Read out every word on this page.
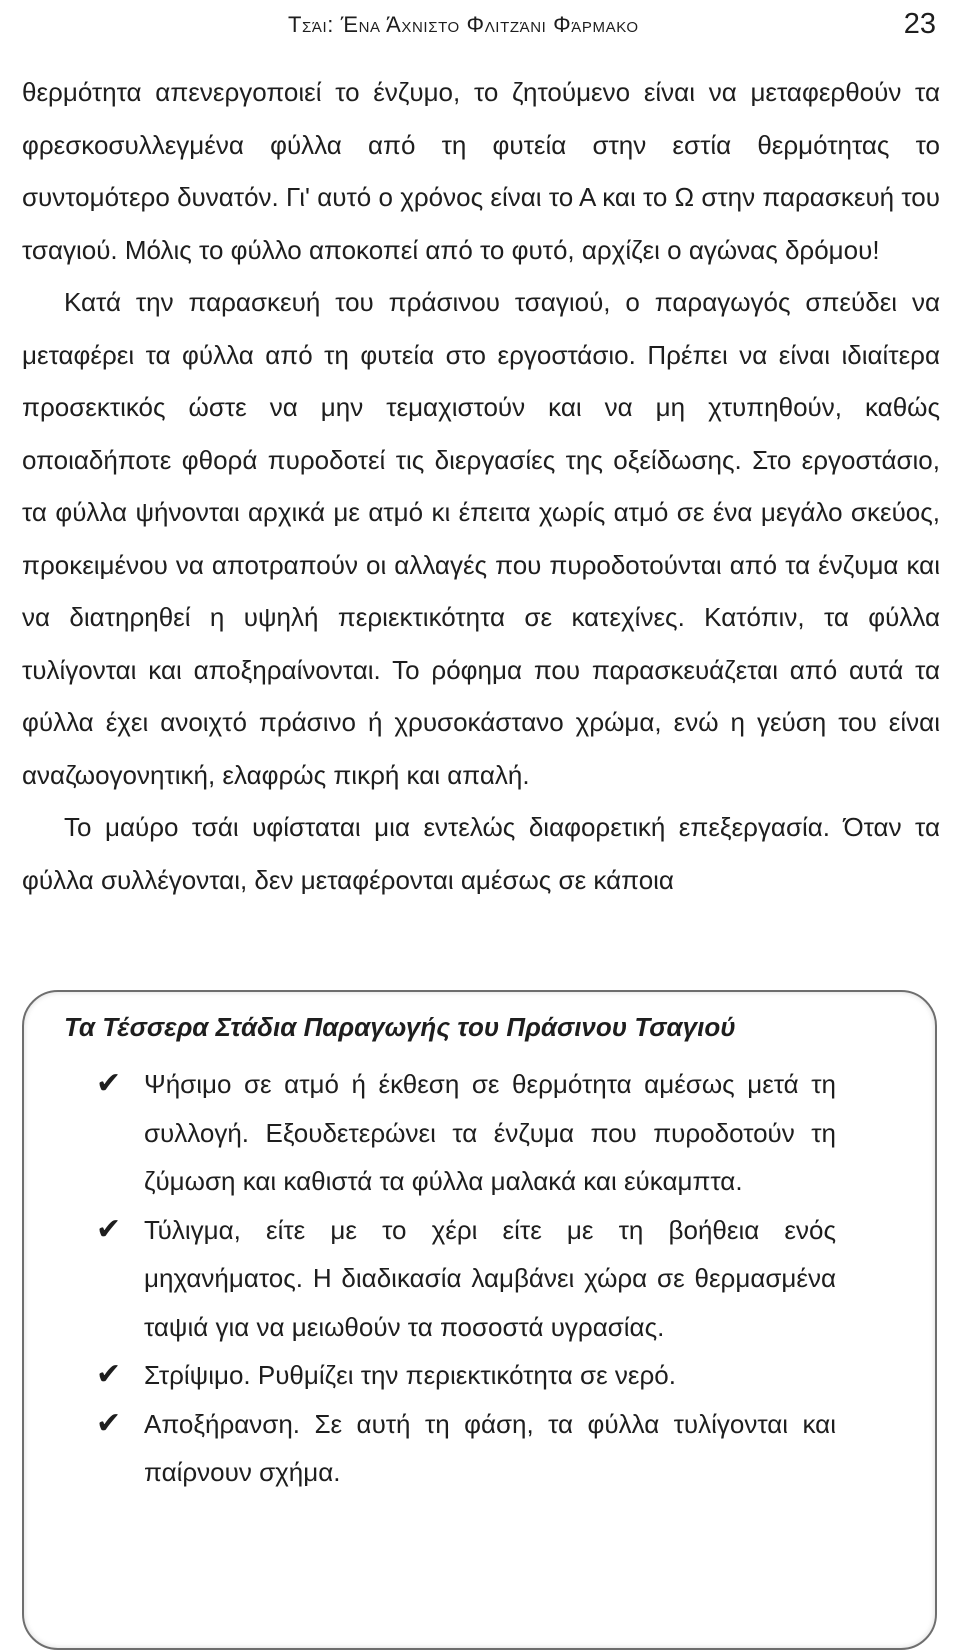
Τσάι: Ένα Άχνιστο Φλιτζάνι Φάρμακο	23

θερμότητα απενεργοποιεί το ένζυμο, το ζητούμενο είναι να μεταφερθούν τα φρεσκοσυλλεγμένα φύλλα από τη φυτεία στην εστία θερμότητας το συντομότερο δυνατόν. Γι' αυτό ο χρόνος είναι το Α και το Ω στην παρασκευή του τσαγιού. Μόλις το φύλλο αποκοπεί από το φυτό, αρχίζει ο αγώνας δρόμου!

Κατά την παρασκευή του πράσινου τσαγιού, ο παραγωγός σπεύδει να μεταφέρει τα φύλλα από τη φυτεία στο εργοστάσιο. Πρέπει να είναι ιδιαίτερα προσεκτικός ώστε να μην τεμαχιστούν και να μη χτυπηθούν, καθώς οποιαδήποτε φθορά πυροδοτεί τις διεργασίες της οξείδωσης. Στο εργοστάσιο, τα φύλλα ψήνονται αρχικά με ατμό κι έπειτα χωρίς ατμό σε ένα μεγάλο σκεύος, προκειμένου να αποτραπούν οι αλλαγές που πυροδοτούνται από τα ένζυμα και να διατηρηθεί η υψηλή περιεκτικότητα σε κατεχίνες. Κατόπιν, τα φύλλα τυλίγονται και αποξηραίνονται. Το ρόφημα που παρασκευάζεται από αυτά τα φύλλα έχει ανοιχτό πράσινο ή χρυσοκάστανο χρώμα, ενώ η γεύση του είναι αναζωογονητική, ελαφρώς πικρή και απαλή.

Το μαύρο τσάι υφίσταται μια εντελώς διαφορετική επεξεργασία. Όταν τα φύλλα συλλέγονται, δεν μεταφέρονται αμέσως σε κάποια

Τα Τέσσερα Στάδια Παραγωγής του Πράσινου Τσαγιού
✔ Ψήσιμο σε ατμό ή έκθεση σε θερμότητα αμέσως μετά τη συλλογή. Εξουδετερώνει τα ένζυμα που πυροδοτούν τη ζύμωση και καθιστά τα φύλλα μαλακά και εύκαμπτα.
✔ Τύλιγμα, είτε με το χέρι είτε με τη βοήθεια ενός μηχανήματος. Η διαδικασία λαμβάνει χώρα σε θερμασμένα ταψιά για να μειωθούν τα ποσοστά υγρασίας.
✔ Στρίψιμο. Ρυθμίζει την περιεκτικότητα σε νερό.
✔ Αποξήρανση. Σε αυτή τη φάση, τα φύλλα τυλίγονται και παίρνουν σχήμα.
